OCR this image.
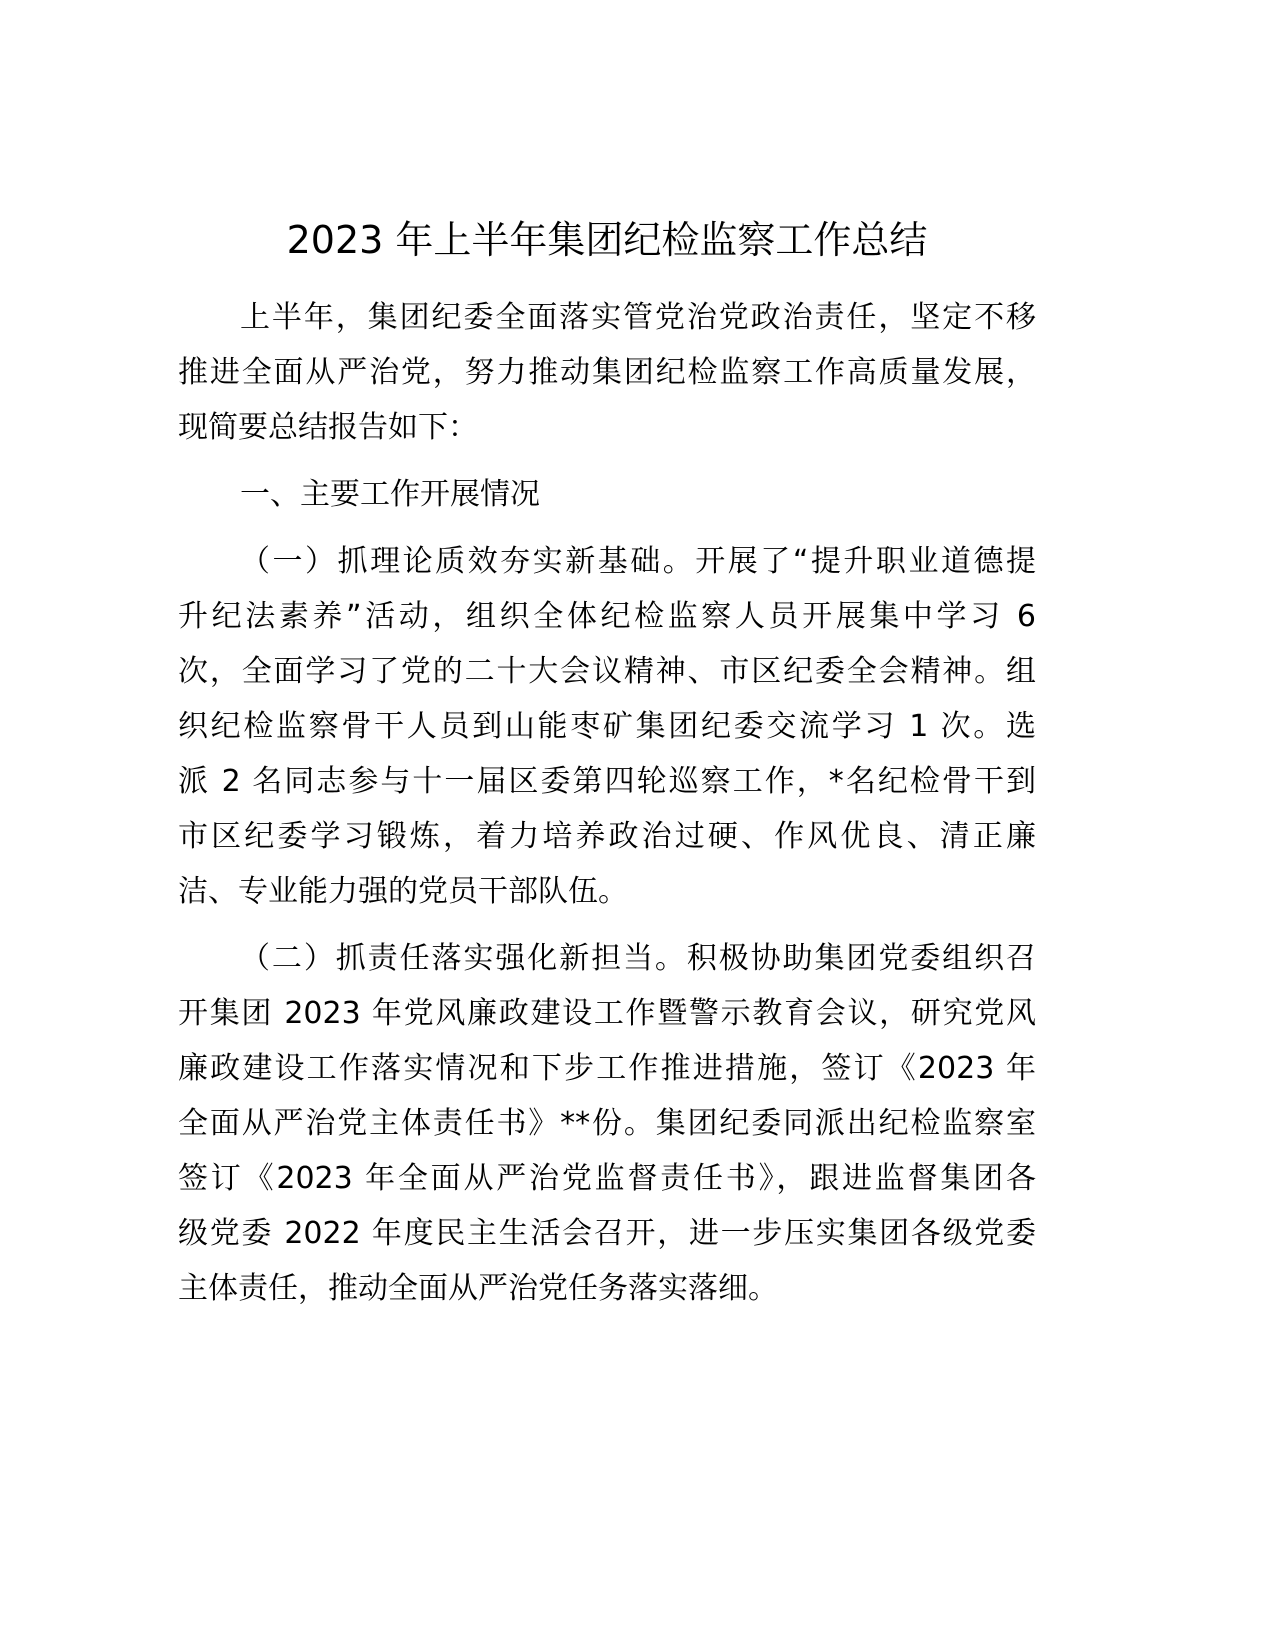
2023 年上半年集团纪检监察工作总结
上半年，集团纪委全面落实管党治党政治责任，坚定不移
推进全面从严治党，努力推动集团纪检监察工作高质量发展，
现简要总结报告如下：
一、主要工作开展情况
（一）抓理论质效夯实新基础。开展了“提升职业道德提
升纪法素养”活动，组织全体纪检监察人员开展集中学习 6
次，全面学习了党的二十大会议精神、市区纪委全会精神。组
织纪检监察骨干人员到山能枣矿集团纪委交流学习 1 次。选
派 2 名同志参与十一届区委第四轮巡察工作，*名纪检骨干到
市区纪委学习锻炼，着力培养政治过硬、作风优良、清正廉
洁、专业能力强的党员干部队伍。
（二）抓责任落实强化新担当。积极协助集团党委组织召
开集团 2023 年党风廉政建设工作暨警示教育会议，研究党风
廉政建设工作落实情况和下步工作推进措施，签订《2023 年
全面从严治党主体责任书》**份。集团纪委同派出纪检监察室
签订《2023 年全面从严治党监督责任书》，跟进监督集团各
级党委 2022 年度民主生活会召开，进一步压实集团各级党委
主体责任，推动全面从严治党任务落实落细。
